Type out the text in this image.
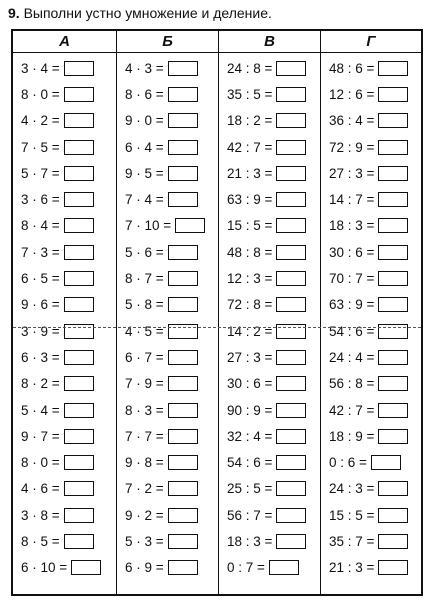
9. Выполни устно умножение и деление.
А
3 · 4 =
8 · 0 =
4 · 2 =
7 · 5 =
5 · 7 =
3 · 6 =
8 · 4 =
7 · 3 =
6 · 5 =
9 · 6 =
3 · 9 =
6 · 3 =
8 · 2 =
5 · 4 =
9 · 7 =
8 · 0 =
4 · 6 =
3 · 8 =
8 · 5 =
6 · 10 =
Б
4 · 3 =
8 · 6 =
9 · 0 =
6 · 4 =
9 · 5 =
7 · 4 =
7 · 10 =
5 · 6 =
8 · 7 =
5 · 8 =
4 · 5 =
6 · 7 =
7 · 9 =
8 · 3 =
7 · 7 =
9 · 8 =
7 · 2 =
9 · 2 =
5 · 3 =
6 · 9 =
В
24 : 8 =
35 : 5 =
18 : 2 =
42 : 7 =
21 : 3 =
63 : 9 =
15 : 5 =
48 : 8 =
12 : 3 =
72 : 8 =
14 : 2 =
27 : 3 =
30 : 6 =
90 : 9 =
32 : 4 =
54 : 6 =
25 : 5 =
56 : 7 =
18 : 3 =
0 : 7 =
Г
48 : 6 =
12 : 6 =
36 : 4 =
72 : 9 =
27 : 3 =
14 : 7 =
18 : 3 =
30 : 6 =
70 : 7 =
63 : 9 =
54 : 6 =
24 : 4 =
56 : 8 =
42 : 7 =
18 : 9 =
0 : 6 =
24 : 3 =
15 : 5 =
35 : 7 =
21 : 3 =
